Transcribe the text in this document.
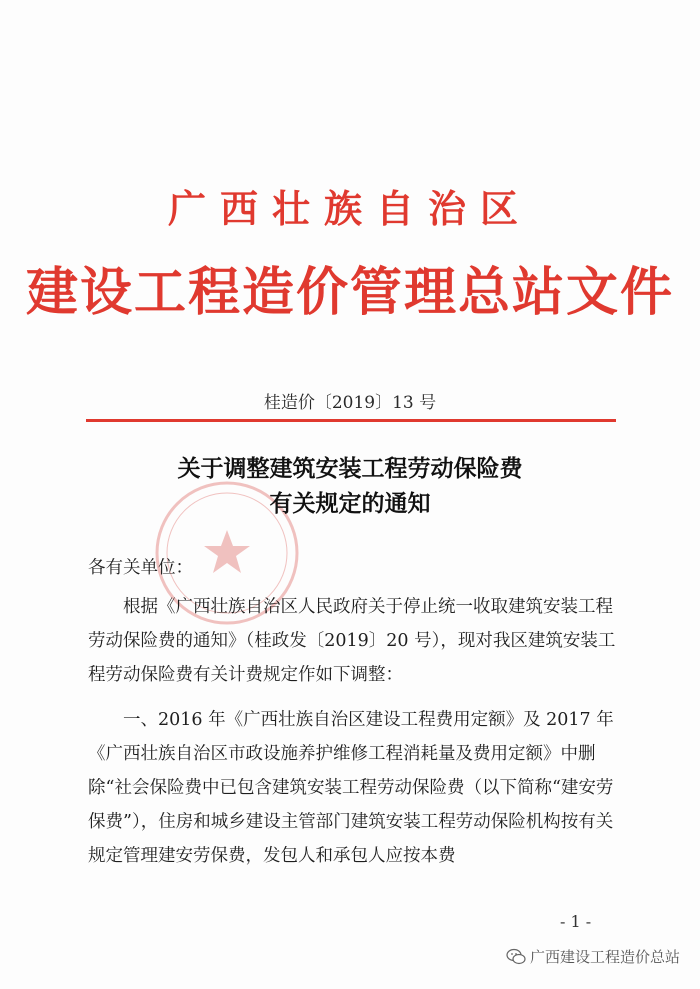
广西壮族自治区
建设工程造价管理总站文件
桂造价〔2019〕13 号
关于调整建筑安装工程劳动保险费
有关规定的通知
各有关单位：
根据《广西壮族自治区人民政府关于停止统一收取建筑安装工程劳动保险费的通知》（桂政发〔2019〕20 号），现对我区建筑安装工程劳动保险费有关计费规定作如下调整：
一、2016 年《广西壮族自治区建设工程费用定额》及 2017 年《广西壮族自治区市政设施养护维修工程消耗量及费用定额》中删除“社会保险费中已包含建筑安装工程劳动保险费（以下简称“建安劳保费”），住房和城乡建设主管部门建筑安装工程劳动保险机构按有关规定管理建安劳保费，发包人和承包人应按本费
- 1 -
广西建设工程造价总站
